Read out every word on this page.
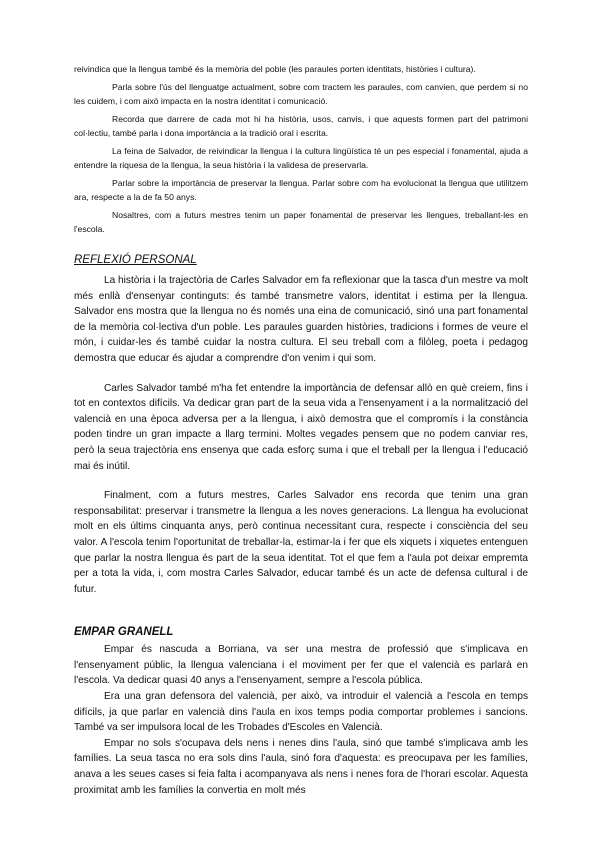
reivindica que la llengua també és la memòria del poble (les paraules porten identitats, històries i cultura).

Parla sobre l'ús del llenguatge actualment, sobre com tractem les paraules, com canvien, que perdem si no les cuidem, i com això impacta en la nostra identitat i comunicació.

Recorda que darrere de cada mot hi ha història, usos, canvis, i que aquests formen part del patrimoni col·lectiu, també parla i dona importància a la tradició oral i escrita.

La feina de Salvador, de reivindicar la llengua i la cultura lingüística té un pes especial i fonamental, ajuda a entendre la riquesa de la llengua, la seua història i la validesa de preservarla.

Parlar sobre la importància de preservar la llengua. Parlar sobre com ha evolucionat la llengua que utilitzem ara, respecte a la de fa 50 anys.

Nosaltres, com a futurs mestres tenim un paper fonamental de preservar les llengues, treballant-les en l'escola.

REFLEXIÓ PERSONAL

La història i la trajectòria de Carles Salvador em fa reflexionar que la tasca d'un mestre va molt més enllà d'ensenyar continguts: és també transmetre valors, identitat i estima per la llengua. Salvador ens mostra que la llengua no és només una eina de comunicació, sinó una part fonamental de la memòria col·lectiva d'un poble. Les paraules guarden històries, tradicions i formes de veure el món, i cuidar-les és també cuidar la nostra cultura. El seu treball com a filòleg, poeta i pedagog demostra que educar és ajudar a comprendre d'on venim i qui som.

Carles Salvador també m'ha fet entendre la importància de defensar allò en què creiem, fins i tot en contextos difícils. Va dedicar gran part de la seua vida a l'ensenyament i a la normalització del valencià en una època adversa per a la llengua, i això demostra que el compromís i la constància poden tindre un gran impacte a llarg termini. Moltes vegades pensem que no podem canviar res, però la seua trajectòria ens ensenya que cada esforç suma i que el treball per la llengua i l'educació mai és inútil.

Finalment, com a futurs mestres, Carles Salvador ens recorda que tenim una gran responsabilitat: preservar i transmetre la llengua a les noves generacions. La llengua ha evolucionat molt en els últims cinquanta anys, però continua necessitant cura, respecte i consciència del seu valor. A l'escola tenim l'oportunitat de treballar-la, estimar-la i fer que els xiquets i xiquetes entenguen que parlar la nostra llengua és part de la seua identitat. Tot el que fem a l'aula pot deixar empremta per a tota la vida, i, com mostra Carles Salvador, educar també és un acte de defensa cultural i de futur.

EMPAR GRANELL

Empar és nascuda a Borriana, va ser una mestra de professió que s'implicava en l'ensenyament públic, la llengua valenciana i el moviment per fer que el valencià es parlarà en l'escola. Va dedicar quasi 40 anys a l'ensenyament, sempre a l'escola pública.

Era una gran defensora del valencià, per això, va introduir el valencià a l'escola en temps difícils, ja que parlar en valencià dins l'aula en ixos temps podia comportar problemes i sancions. També va ser impulsora local de les Trobades d'Escoles en Valencià.

Empar no sols s'ocupava dels nens i nenes dins l'aula, sinó que també s'implicava amb les famílies. La seua tasca no era sols dins l'aula, sinó fora d'aquesta: es preocupava per les famílies, anava a les seues cases si feia falta i acompanyava als nens i nenes fora de l'horari escolar. Aquesta proximitat amb les famílies la convertia en molt més
